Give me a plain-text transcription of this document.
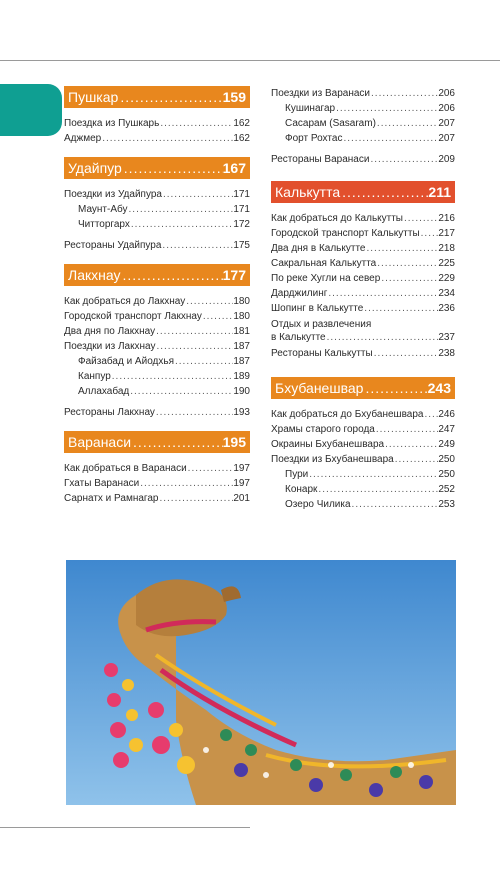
Пушкар .....	159
Поездка из Пушкарь .....	162
Аджмер .....	162
Удайпур .....	167
Поездки из Удайпура .....	171
Маунт-Абу .....	171
Читторгарх .....	172
Рестораны Удайпура .....	175
Лакхнау .....	177
Как добраться до Лакхнау .....	180
Городской транспорт Лакхнау .....	180
Два дня по Лакхнау .....	181
Поездки из Лакхнау .....	187
Файзабад и Айодхья .....	187
Канпур .....	189
Аллахабад .....	190
Рестораны Лакхнау .....	193
Варанаси .....	195
Как добраться в Варанаси .....	197
Гхаты Варанаси .....	197
Сарнатх и Рамнагар .....	201
Поездки из Варанаси .....	206
Кушинагар .....	206
Сасарам (Sasaram) .....	207
Форт Рохтас .....	207
Рестораны Варанаси .....	209
Калькутта .....	211
Как добраться до Калькутты .....	216
Городской транспорт Калькутты ..... 217
Два дня в Калькутте .....	218
Сакральная Калькутта .....	225
По реке Хугли на север .....	229
Дарджилинг .....	234
Шопинг в Калькутте .....	236
Отдых и развлечения
в Калькутте .....	237
Рестораны Калькутты .....	238
Бхубанешвар .....	243
Как добраться до Бхубанешвара ..... 246
Храмы старого города .....	247
Окраины Бхубанешвара .....	249
Поездки из Бхубанешвара .....	250
Пури .....	250
Конарк .....	252
Озеро Чилика .....	253
